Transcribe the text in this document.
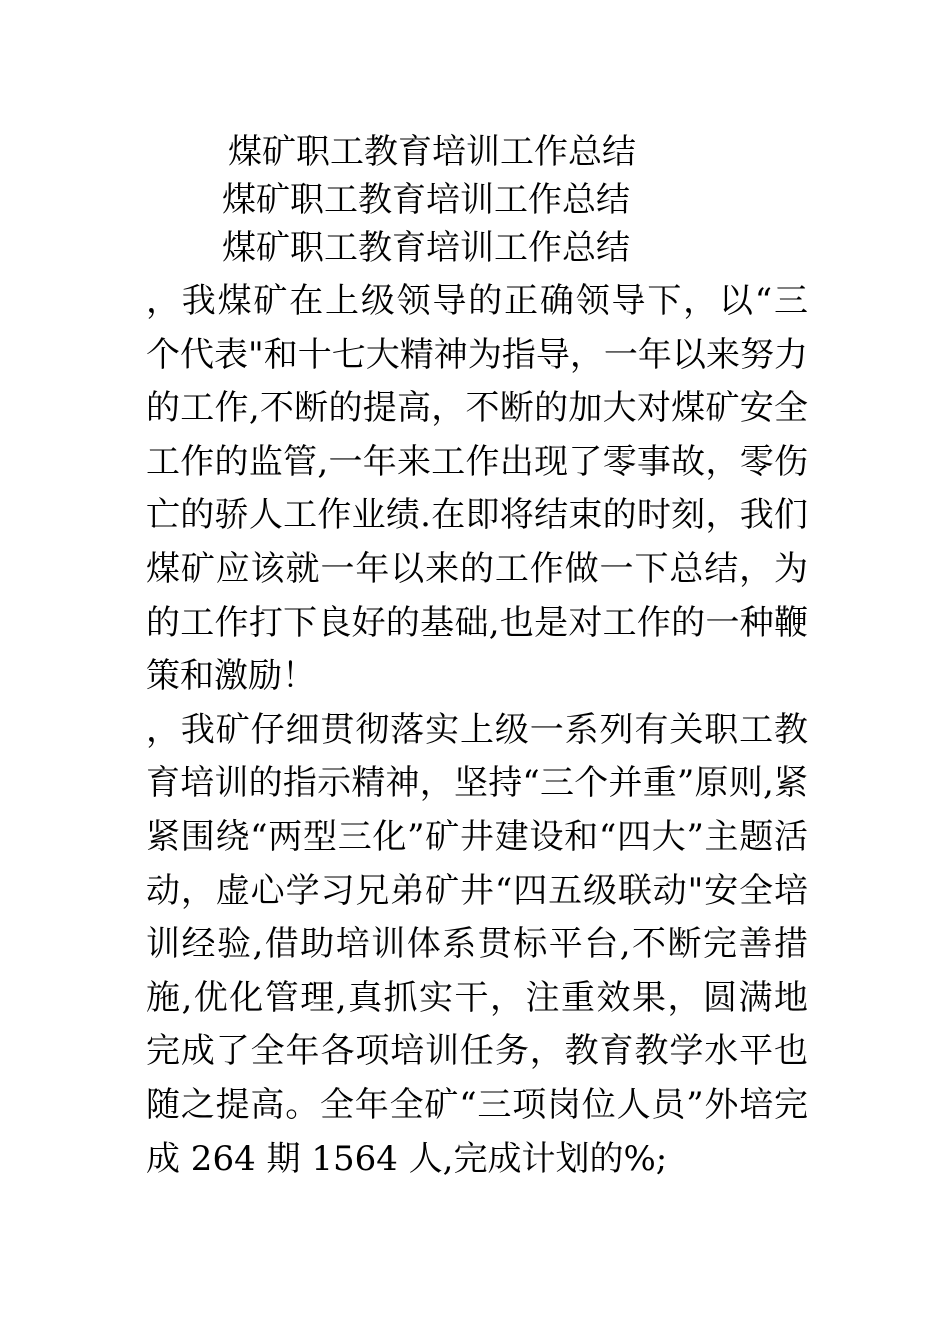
煤矿职工教育培训工作总结
煤矿职工教育培训工作总结
煤矿职工教育培训工作总结

，我煤矿在上级领导的正确领导下，以“三个代表"和十七大精神为指导，一年以来努力的工作,不断的提高，不断的加大对煤矿安全工作的监管,一年来工作出现了零事故，零伤亡的骄人工作业绩.在即将结束的时刻，我们煤矿应该就一年以来的工作做一下总结，为的工作打下良好的基础,也是对工作的一种鞭策和激励！

，我矿仔细贯彻落实上级一系列有关职工教育培训的指示精神，坚持“三个并重”原则,紧紧围绕“两型三化”矿井建设和“四大”主题活动，虚心学习兄弟矿井“四五级联动"安全培训经验,借助培训体系贯标平台,不断完善措施,优化管理,真抓实干，注重效果，圆满地完成了全年各项培训任务，教育教学水平也随之提高。全年全矿“三项岗位人员”外培完成 264 期 1564 人,完成计划的%;
